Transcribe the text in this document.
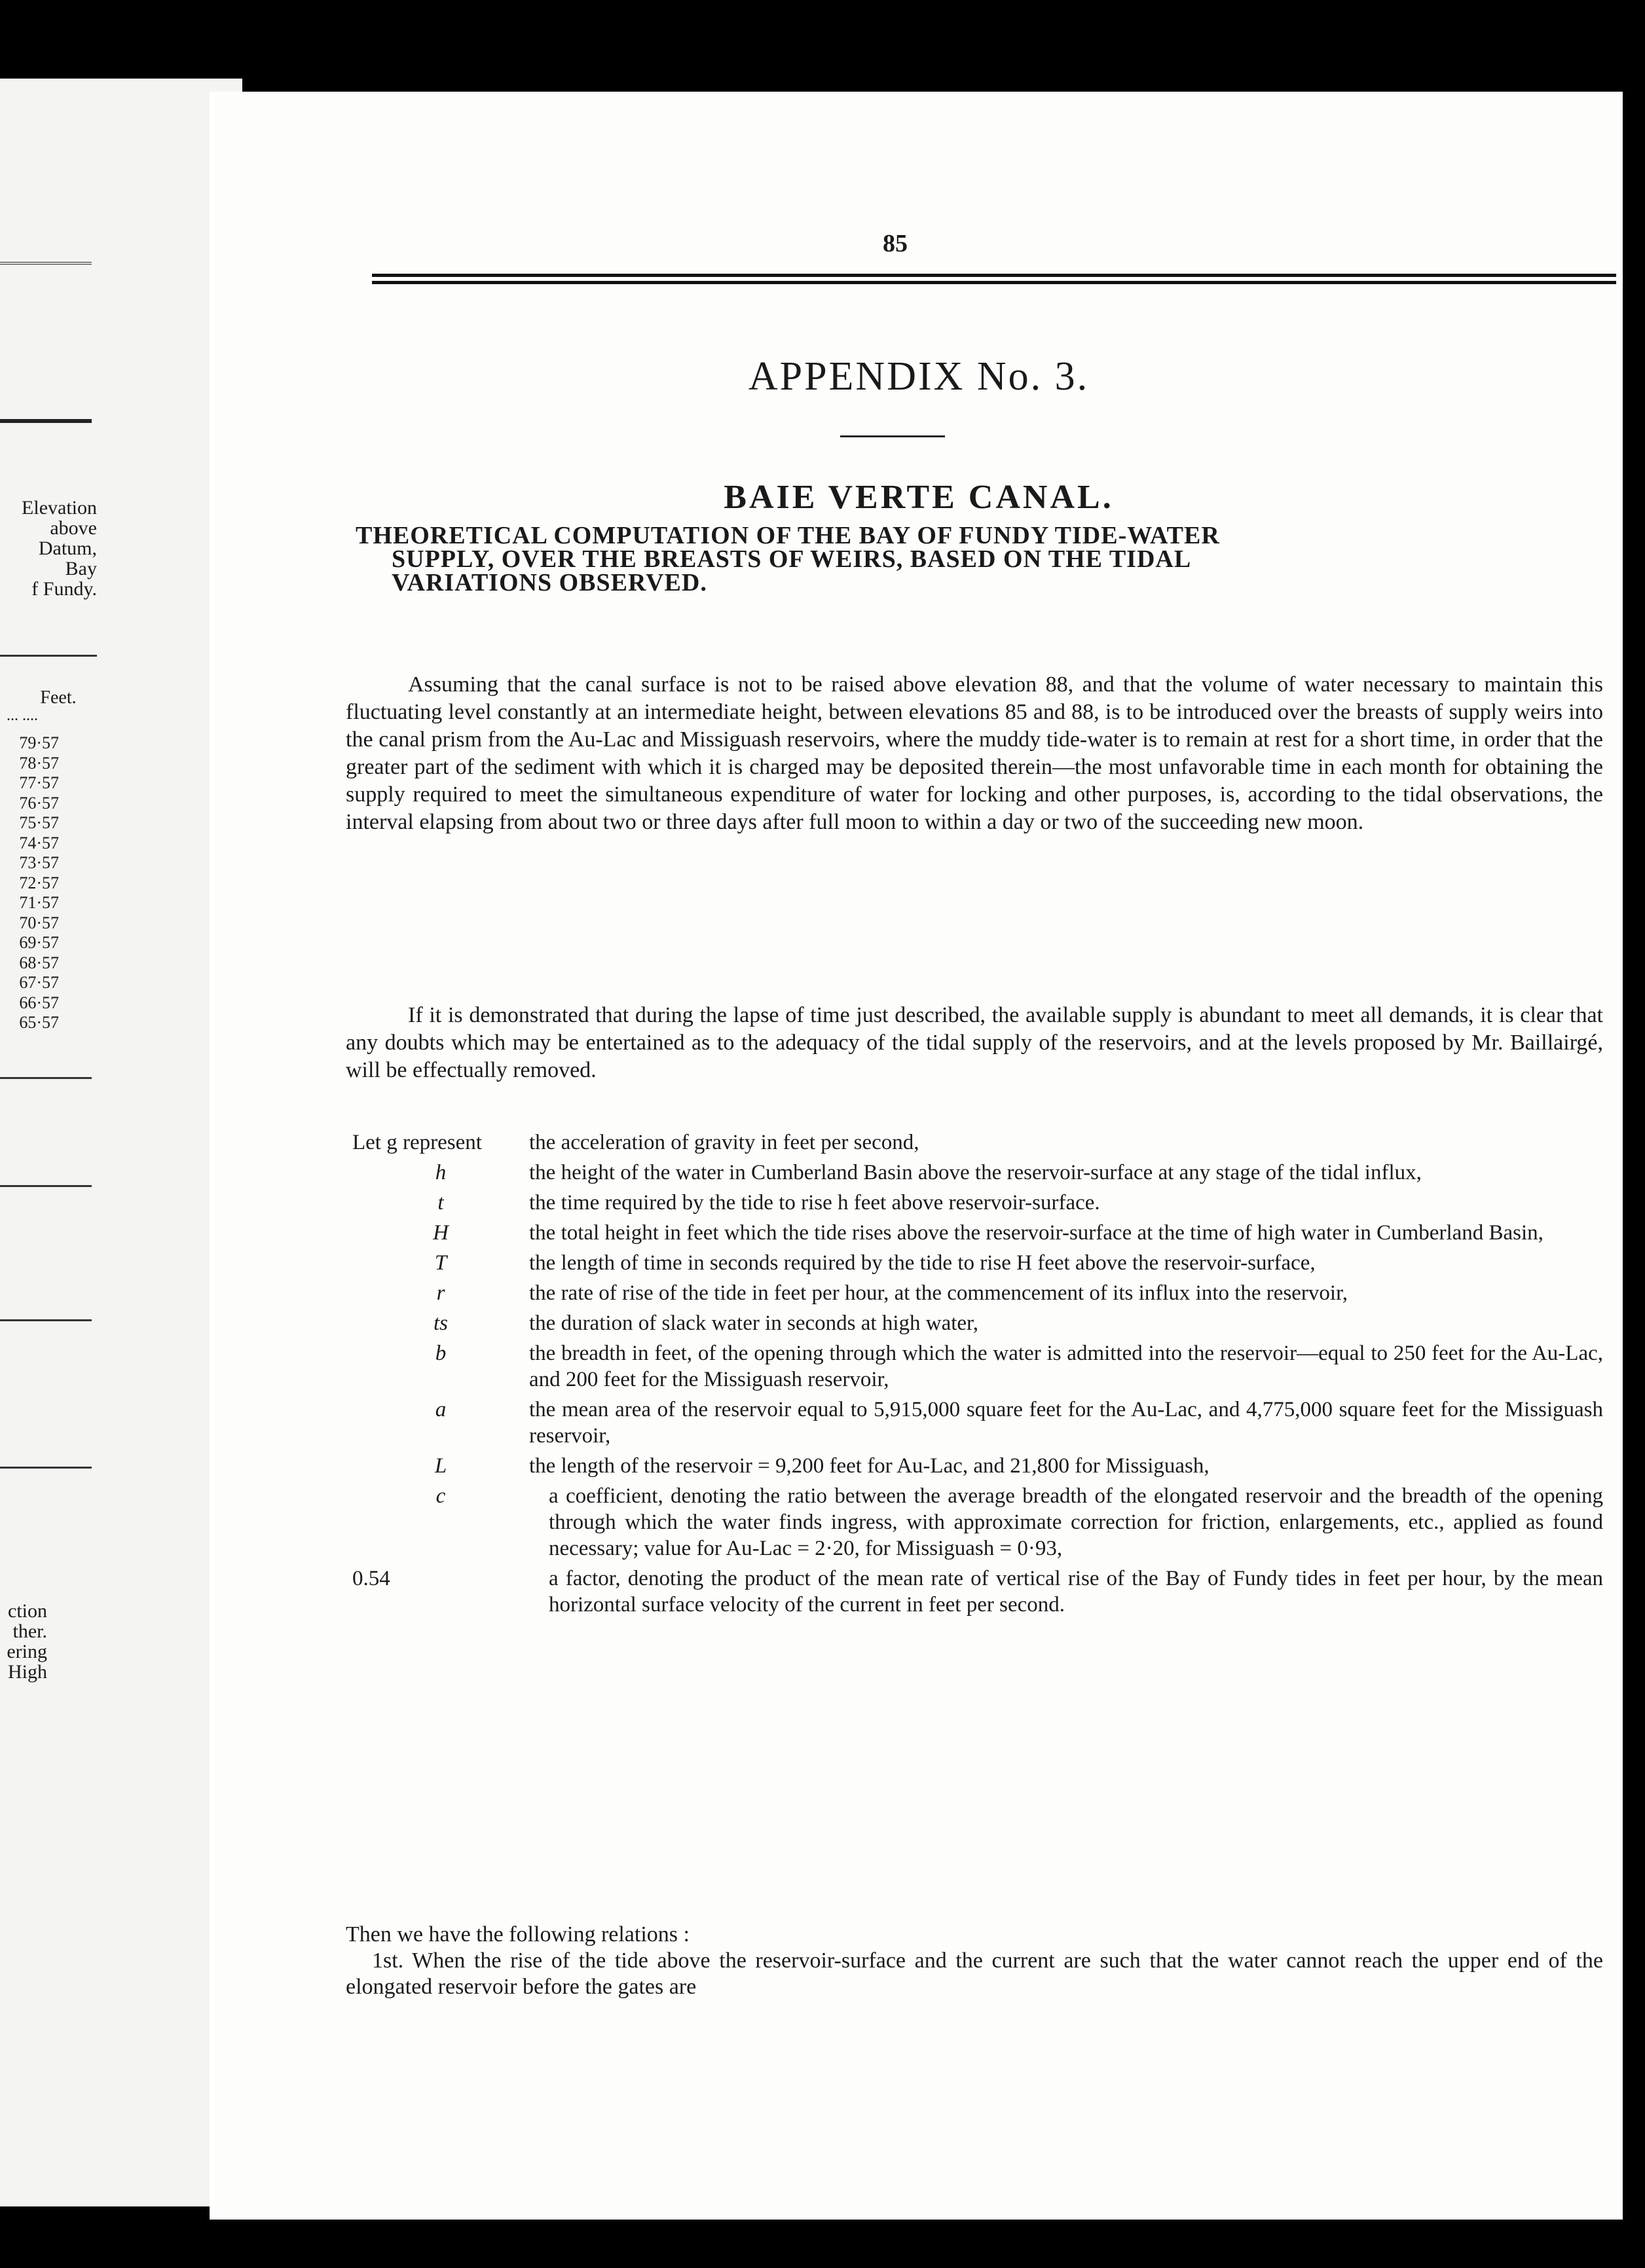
Elevation
above
Datum,
Bay
f Fundy.
Feet.
... ....
79·57
78·57
77·57
76·57
75·57
74·57
73·57
72·57
71·57
70·57
69·57
68·57
67·57
66·57
65·57
ction
ther.
ering
High
85
APPENDIX No. 3.
BAIE VERTE CANAL.

THEORETICAL COMPUTATION OF THE BAY OF FUNDY TIDE-WATER
SUPPLY, OVER THE BREASTS OF WEIRS, BASED ON THE TIDAL
VARIATIONS OBSERVED.

Assuming that the canal surface is not to be raised above elevation 88, and that the volume of water necessary to maintain this fluctuating level constantly at an intermediate height, between elevations 85 and 88, is to be introduced over the breasts of supply weirs into the canal prism from the Au-Lac and Missiguash reservoirs, where the muddy tide-water is to remain at rest for a short time, in order that the greater part of the sediment with which it is charged may be deposited therein—the most unfavorable time in each month for obtaining the supply required to meet the simultaneous expenditure of water for locking and other purposes, is, according to the tidal observations, the interval elapsing from about two or three days after full moon to within a day or two of the succeeding new moon.

If it is demonstrated that during the lapse of time just described, the available supply is abundant to meet all demands, it is clear that any doubts which may be entertained as to the adequacy of the tidal supply of the reservoirs, and at the levels proposed by Mr. Baillairgé, will be effectually removed.

Let g represent	the acceleration of gravity in feet per second,
h	the height of the water in Cumberland Basin above the reservoir-surface at any stage of the tidal influx,
t	the time required by the tide to rise h feet above reservoir-surface.
H	the total height in feet which the tide rises above the reservoir-surface at the time of high water in Cumberland Basin,
T	the length of time in seconds required by the tide to rise H feet above the reservoir-surface,
r	the rate of rise of the tide in feet per hour, at the commencement of its influx into the reservoir,
ts	the duration of slack water in seconds at high water,
b	the breadth in feet, of the opening through which the water is admitted into the reservoir—equal to 250 feet for the Au-Lac, and 200 feet for the Missiguash reservoir,
a	the mean area of the reservoir equal to 5,915,000 square feet for the Au-Lac, and 4,775,000 square feet for the Missiguash reservoir,
L	the length of the reservoir = 9,200 feet for Au-Lac, and 21,800 for Missiguash,
c	a coefficient, denoting the ratio between the average breadth of the elongated reservoir and the breadth of the opening through which the water finds ingress, with approximate correction for friction, enlargements, etc., applied as found necessary; value for Au-Lac = 2·20, for Missiguash = 0·93,
0.54	a factor, denoting the product of the mean rate of vertical rise of the Bay of Fundy tides in feet per hour, by the mean horizontal surface velocity of the current in feet per second.

Then we have the following relations :
1st. When the rise of the tide above the reservoir-surface and the current are such that the water cannot reach the upper end of the elongated reservoir before the gates are
